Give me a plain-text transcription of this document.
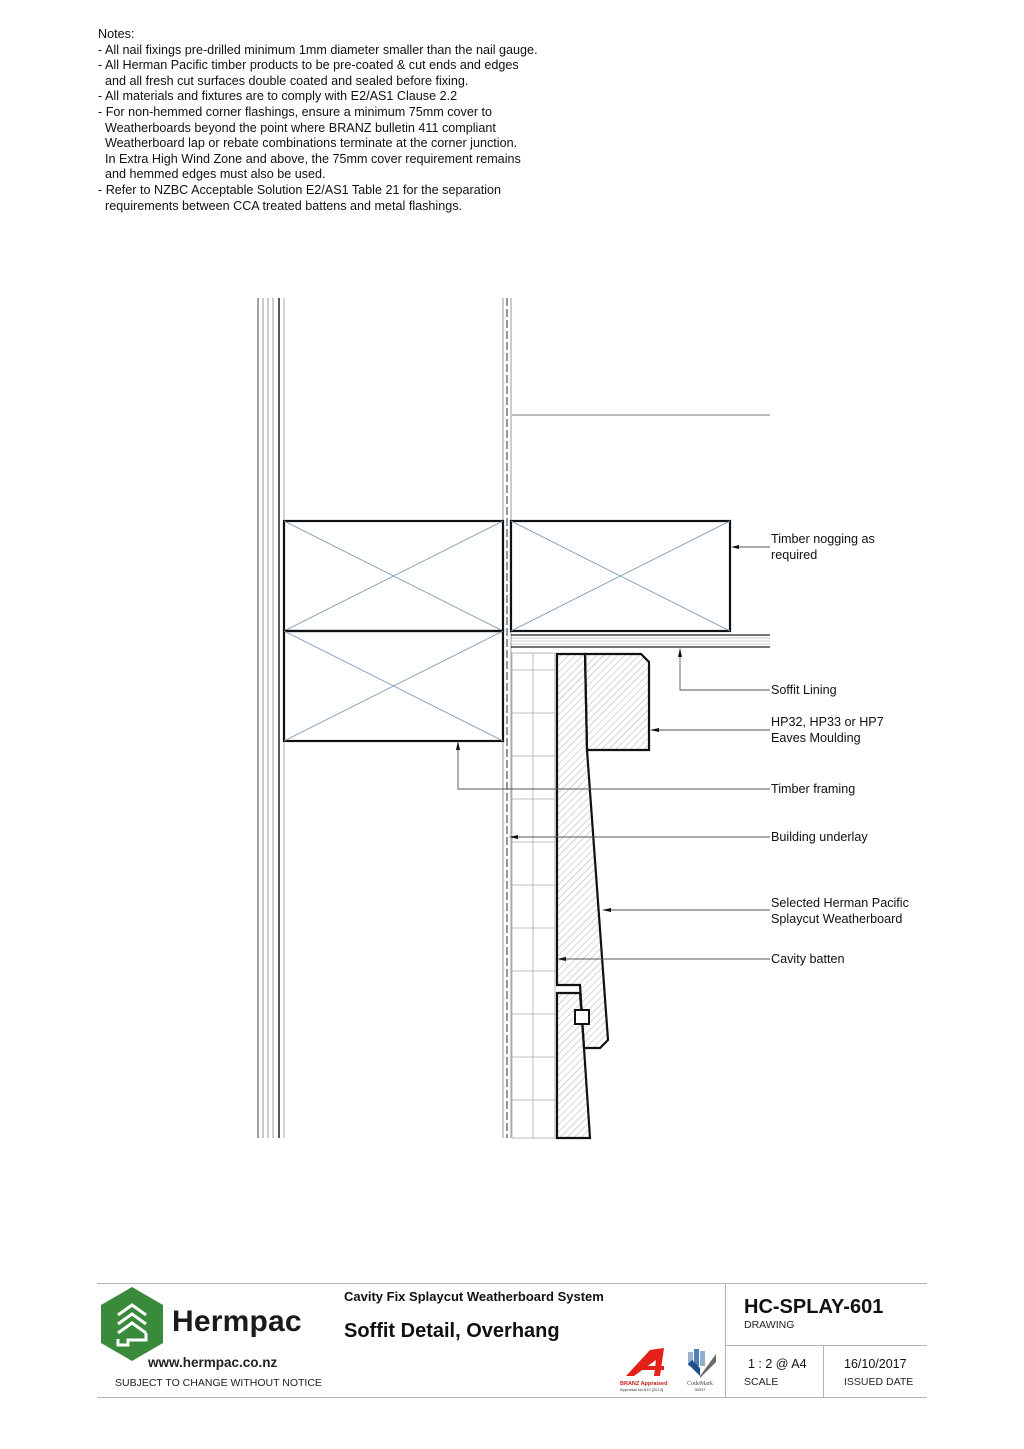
Notes:
- All nail fixings pre-drilled minimum 1mm diameter smaller than the nail gauge.
- All Herman Pacific timber products to be pre-coated & cut ends and edges
and all fresh cut surfaces double coated and sealed before fixing.
- All materials and fixtures are to comply with E2/AS1 Clause 2.2
- For non-hemmed corner flashings, ensure a minimum 75mm cover to
Weatherboards beyond the point where BRANZ bulletin 411 compliant
Weatherboard lap or rebate combinations terminate at the corner junction.
In Extra High Wind Zone and above, the 75mm cover requirement remains
and hemmed edges must also be used.
- Refer to NZBC Acceptable Solution E2/AS1 Table 21 for the separation
requirements between CCA treated battens and metal flashings.
Timber nogging as
required
Soffit Lining
HP32, HP33 or HP7
Eaves Moulding
Timber framing
Building underlay
Selected Herman Pacific
Splaycut Weatherboard
Cavity batten
Hermpac
www.hermpac.co.nz
SUBJECT TO CHANGE WITHOUT NOTICE
Cavity Fix Splaycut Weatherboard System
Soffit Detail, Overhang
BRANZ Appraised
Appraisal No.610 [2014]
CodeMark
30037
HC-SPLAY-601
DRAWING
1 : 2 @ A4
SCALE
16/10/2017
ISSUED DATE
